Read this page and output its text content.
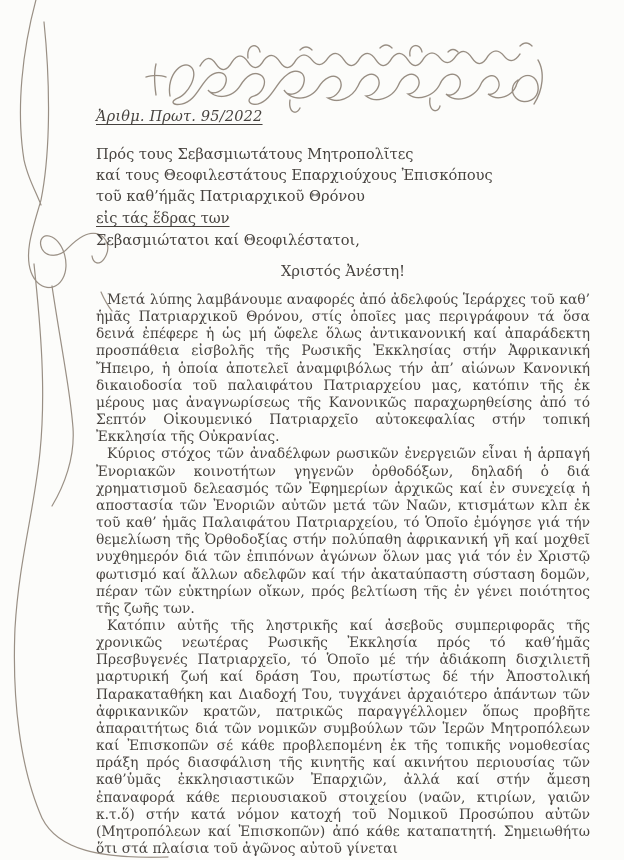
Ἀριθμ. Πρωτ. 95/2022
Πρός τους Σεβασμιωτάτους Μητροπολῖτες
καί τους Θεοφιλεστάτους Επαρχιούχους Ἐπισκόπους
τοῦ καθ’ήμᾶς Πατριαρχικοῦ Θρόνου
εἰς τάς ἕδρας των
Σεβασμιώτατοι καί Θεοφιλέστατοι,
Χριστός Ἀνέστη!

Μετά λύπης λαμβάνουμε αναφορές ἀπό ἀδελφούς Ἱεράρχες τοῦ καθ’ ἡμᾶς Πατριαρχικοῦ Θρόνου, στίς ὁποῖες μας περιγράφουν τά ὅσα δεινά ἐπέφερε ἡ ὡς μή ὤφελε ὅλως ἀντικανονική καί ἀπαράδεκτη προσπάθεια εἰσβολῆς τῆς Ρωσικῆς Ἐκκλησίας στήν Ἀφρικανική Ἤπειρο, ἡ ὁποία ἀποτελεῖ ἀναμφιβόλως τήν ἀπ’ αἰώνων Κανονική δικαιοδοσία τοῦ παλαιφάτου Πατριαρχείου μας, κατόπιν τῆς ἐκ μέρους μας ἀναγνωρίσεως τῆς Κανονικῶς παραχωρηθείσης ἀπό τό Σεπτόν Οἰκουμενικό Πατριαρχεῖο αὐτοκεφαλίας στήν τοπική Ἐκκλησία τῆς Οὐκρανίας.

Κύριος στόχος τῶν ἀναδέλφων ρωσικῶν ἐνεργειῶν εἶναι ἡ ἁρπαγή Ἐνοριακῶν κοινοτήτων γηγενῶν ὀρθοδόξων, δηλαδή ὁ διά χρηματισμοῦ δελεασμός τῶν Ἐφημερίων ἀρχικῶς καί ἐν συνεχείᾳ ἡ αποστασία τῶν Ἐνοριῶν αὐτῶν μετά τῶν Ναῶν, κτισμάτων κλπ ἐκ τοῦ καθ’ ἡμᾶς Παλαιφάτου Πατριαρχείου, τό Ὁποῖο ἐμόγησε γιά τήν θεμελίωση τῆς Ὀρθοδοξίας στήν πολύπαθη ἀφρικανική γῆ καί μοχθεῖ νυχθημερόν διά τῶν ἐπιπόνων ἀγώνων ὅλων μας γιά τόν ἐν Χριστῷ φωτισμό καί ἄλλων αδελφῶν καί τήν ἀκαταύπαστη σύσταση δομῶν, πέραν τῶν εὐκτηρίων οἴκων, πρός βελτίωση τῆς ἐν γένει ποιότητος τῆς ζωῆς των.

Κατόπιν αὐτῆς τῆς ληστρικῆς καί ἀσεβοῦς συμπεριφορᾶς τῆς χρονικῶς νεωτέρας Ρωσικῆς Ἐκκλησία πρός τό καθ’ἡμᾶς Πρεσβυγενές Πατριαρχεῖο, τό Ὁποῖο μέ τήν ἀδιάκοπη δισχιλιετῆ μαρτυρική ζωή καί δράση Του, πρωτίστως δέ τήν Ἀποστολική Παρακαταθήκη και Διαδοχή Του, τυγχάνει ἀρχαιότερο ἁπάντων τῶν ἀφρικανικῶν κρατῶν, πατρικῶς παραγγέλλομεν ὅπως προβῆτε ἀπαραιτήτως διά τῶν νομικῶν συμβούλων τῶν Ἱερῶν Μητροπόλεων καί Ἐπισκοπῶν σέ κάθε προβλεπομένη ἐκ τῆς τοπικῆς νομοθεσίας πράξη πρός διασφάλιση τῆς κινητῆς καί ακινήτου περιουσίας τῶν καθ’ὑμᾶς ἐκκλησιαστικῶν Ἐπαρχιῶν, ἀλλά καί στήν ἄμεση ἐπαναφορά κάθε περιουσιακοῦ στοιχείου (ναῶν, κτιρίων, γαιῶν κ.τ.ὅ) στήν κατά νόμον κατοχή τοῦ Νομικοῦ Προσώπου αὐτῶν (Μητροπόλεων καί Ἐπισκοπῶν) ἀπό κάθε καταπατητή. Σημειωθήτω ὅτι στά πλαίσια τοῦ ἀγῶνος αὐτοῦ γίνεται
